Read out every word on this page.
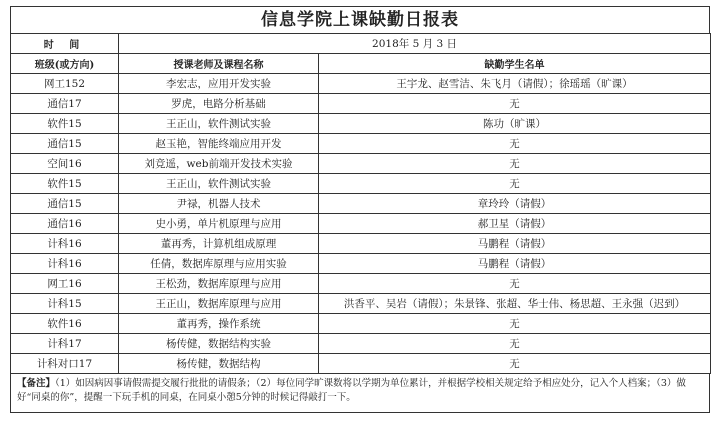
信息学院上课缺勤日报表
时 间	2018年 5 月 3 日	
班级(或方向)	授课老师及课程名称	缺勤学生名单
网工152	李宏志，应用开发实验	王宇龙、赵雪洁、朱飞月（请假）；徐瑶瑶（旷课）
通信17	罗虎，电路分析基础	无
软件15	王正山，软件测试实验	陈功（旷课）
通信15	赵玉艳，智能终端应用开发	无
空间16	刘竞遥，web前端开发技术实验	无
软件15	王正山，软件测试实验	无
通信15	尹禄，机器人技术	章玲玲（请假）
通信16	史小勇，单片机原理与应用	郝卫星（请假）
计科16	董再秀，计算机组成原理	马鹏程（请假）
计科16	任倩，数据库原理与应用实验	马鹏程（请假）
网工16	王松劲，数据库原理与应用	无
计科15	王正山，数据库原理与应用	洪香平、吴岩（请假）；朱景锋、张超、华士伟、杨思超、王永强（迟到）
软件16	董再秀，操作系统	无
计科17	杨传健，数据结构实验	无
计科对口17	杨传健，数据结构	无
【备注】（1）如因病因事请假需提交履行批批的请假条；（2）每位同学旷课数将以学期为单位累计，并根据学校相关规定给予相应处分，记入个人档案；（3）做好“同桌的你”，提醒一下玩手机的同桌，在同桌小憩5分钟的时候记得敲打一下。
